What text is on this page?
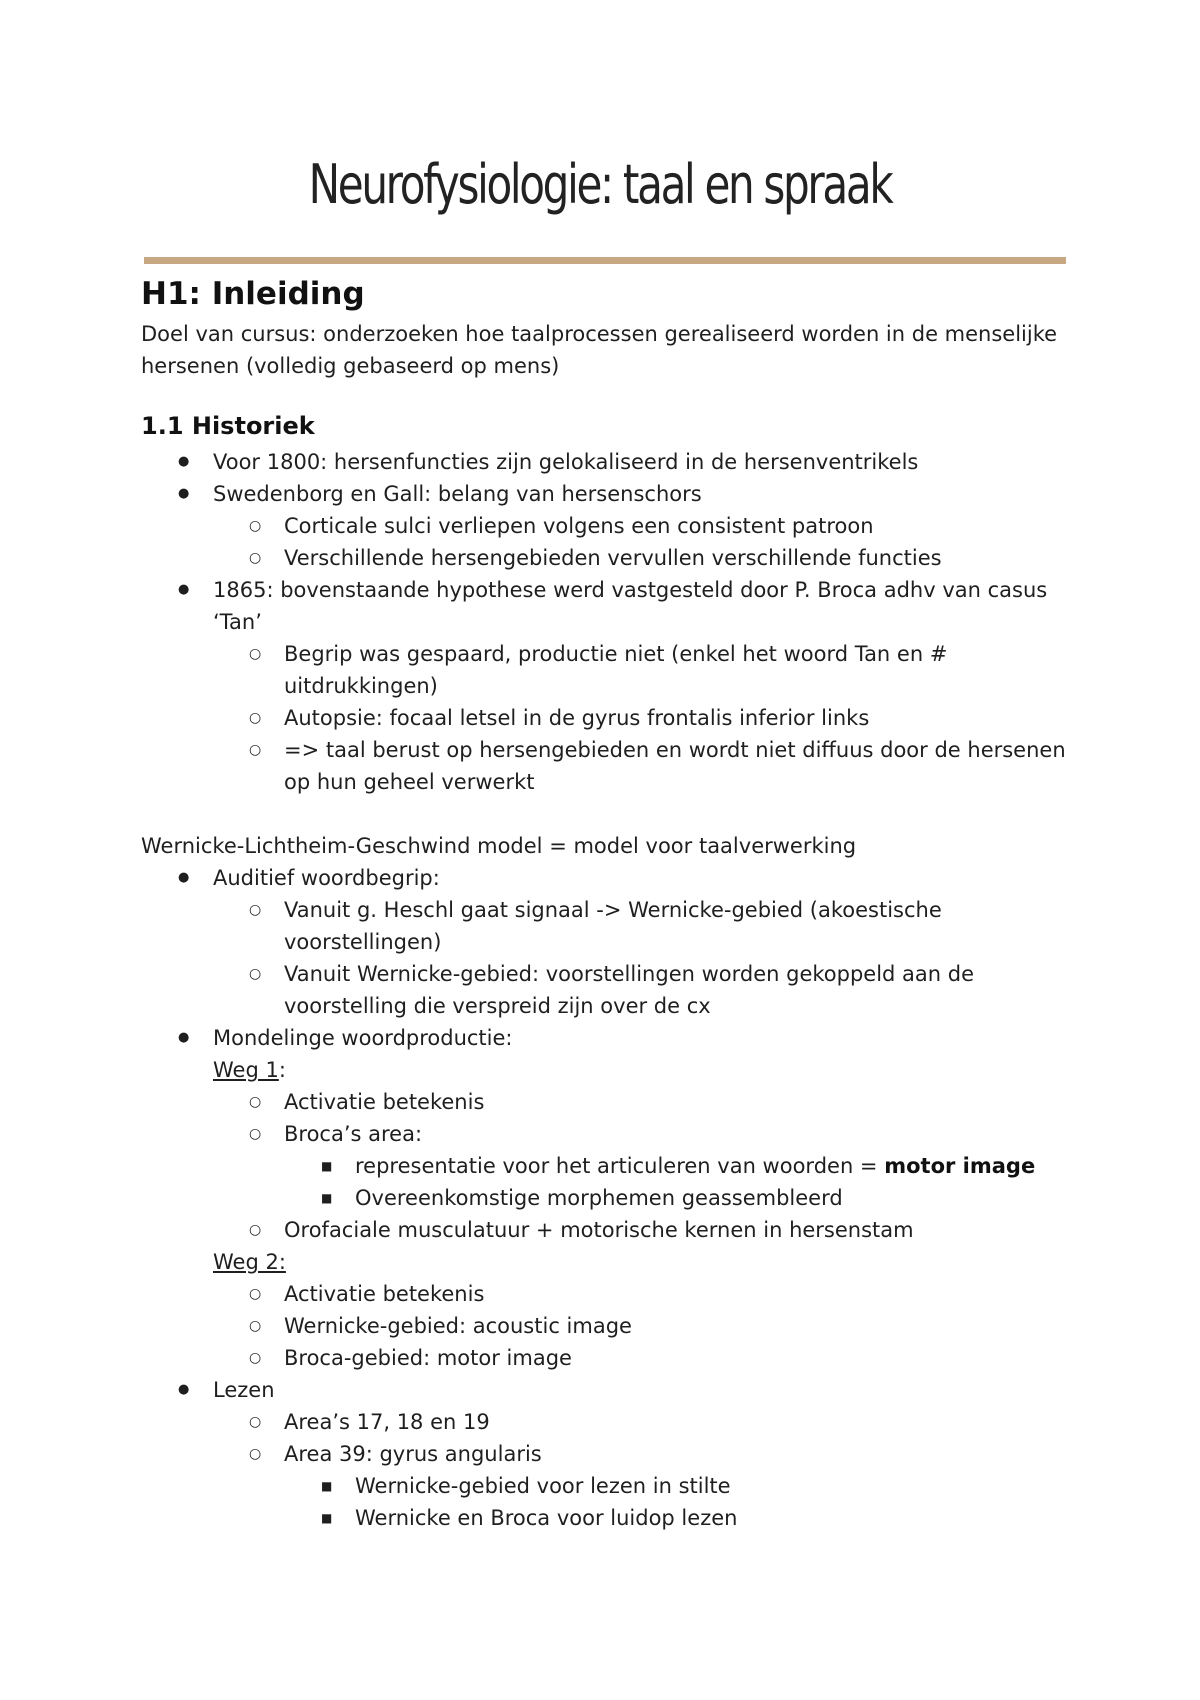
Neurofysiologie: taal en spraak
H1: Inleiding

Doel van cursus: onderzoeken hoe taalprocessen gerealiseerd worden in de menselijke hersenen (volledig gebaseerd op mens)

1.1 Historiek
● Voor 1800: hersenfuncties zijn gelokaliseerd in de hersenventrikels
● Swedenborg en Gall: belang van hersenschors
○ Corticale sulci verliepen volgens een consistent patroon
○ Verschillende hersengebieden vervullen verschillende functies
● 1865: bovenstaande hypothese werd vastgesteld door P. Broca adhv van casus ‘Tan’
○ Begrip was gespaard, productie niet (enkel het woord Tan en # uitdrukkingen)
○ Autopsie: focaal letsel in de gyrus frontalis inferior links
○ => taal berust op hersengebieden en wordt niet diffuus door de hersenen op hun geheel verwerkt

Wernicke-Lichtheim-Geschwind model = model voor taalverwerking

● Auditief woordbegrip:
○ Vanuit g. Heschl gaat signaal -> Wernicke-gebied (akoestische voorstellingen)
○ Vanuit Wernicke-gebied: voorstellingen worden gekoppeld aan de voorstelling die verspreid zijn over de cx
● Mondelinge woordproductie:
Weg 1:
○ Activatie betekenis
○ Broca’s area:
■ representatie voor het articuleren van woorden = motor image
■ Overeenkomstige morphemen geassembleerd
○ Orofaciale musculatuur + motorische kernen in hersenstam
Weg 2:
○ Activatie betekenis
○ Wernicke-gebied: acoustic image
○ Broca-gebied: motor image
● Lezen
○ Area’s 17, 18 en 19
○ Area 39: gyrus angularis
■ Wernicke-gebied voor lezen in stilte
■ Wernicke en Broca voor luidop lezen
